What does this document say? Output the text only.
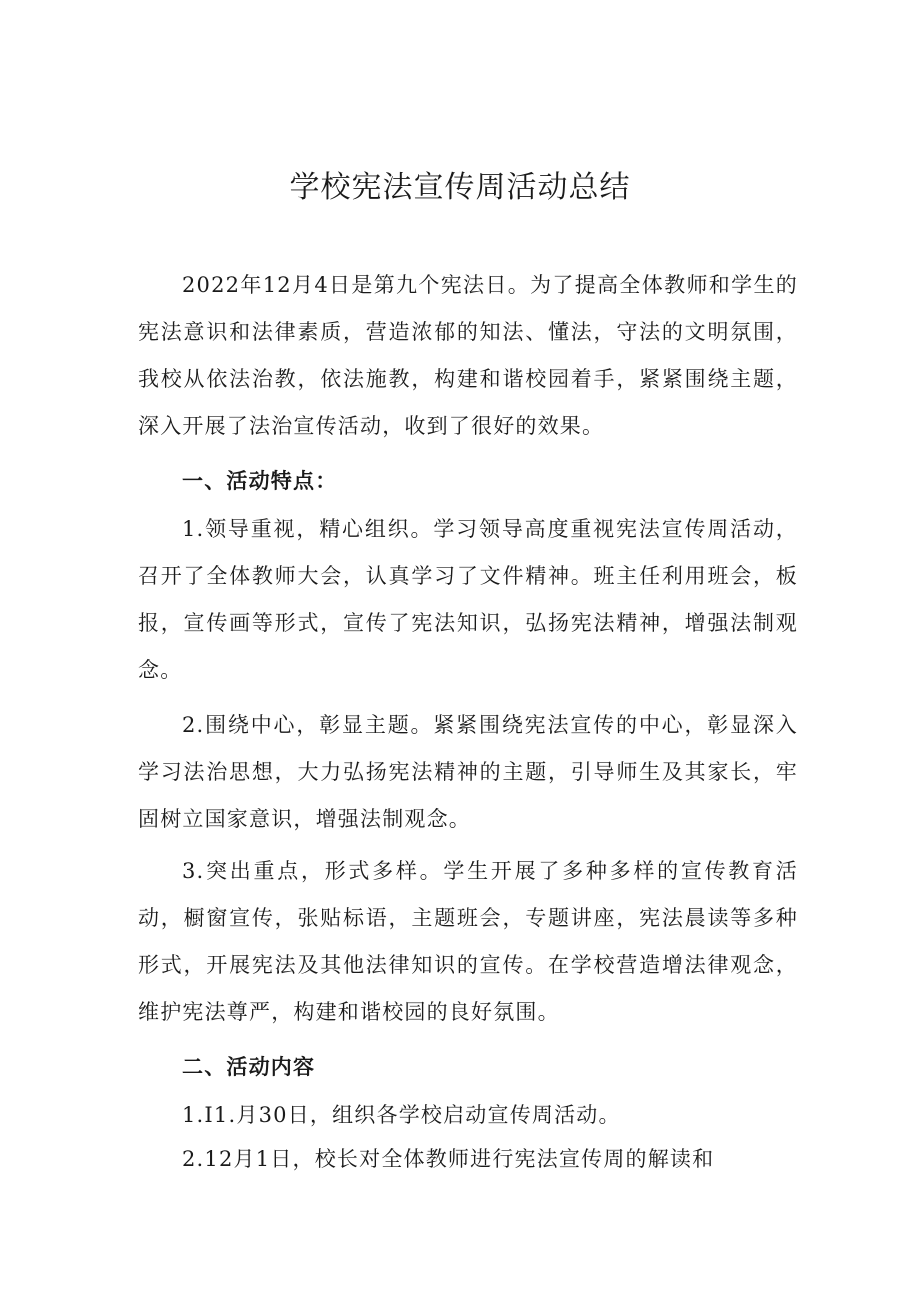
学校宪法宣传周活动总结

2022年12月4日是第九个宪法日。为了提高全体教师和学生的宪法意识和法律素质，营造浓郁的知法、懂法，守法的文明氛围，我校从依法治教，依法施教，构建和谐校园着手，紧紧围绕主题，深入开展了法治宣传活动，收到了很好的效果。

一、活动特点：

1.领导重视，精心组织。学习领导高度重视宪法宣传周活动，召开了全体教师大会，认真学习了文件精神。班主任利用班会，板报，宣传画等形式，宣传了宪法知识，弘扬宪法精神，增强法制观念。

2.围绕中心，彰显主题。紧紧围绕宪法宣传的中心，彰显深入学习法治思想，大力弘扬宪法精神的主题，引导师生及其家长，牢固树立国家意识，增强法制观念。

3.突出重点，形式多样。学生开展了多种多样的宣传教育活动，橱窗宣传，张贴标语，主题班会，专题讲座，宪法晨读等多种形式，开展宪法及其他法律知识的宣传。在学校营造增法律观念，维护宪法尊严，构建和谐校园的良好氛围。

二、活动内容

1.I1.月30日，组织各学校启动宣传周活动。

2.12月1日，校长对全体教师进行宪法宣传周的解读和
